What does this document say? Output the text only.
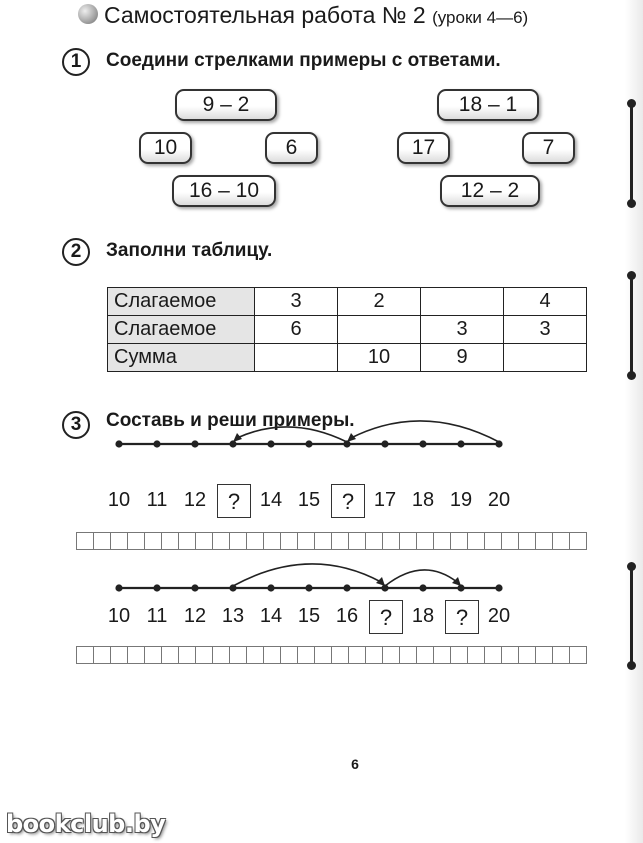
Самостоятельная работа № 2 (уроки 4—6)
1	Соедини стрелками примеры с ответами.
9 – 2
10	6
16 – 10
18 – 1
17	7
12 – 2
2	Заполни таблицу.
Слагаемое	3	2		4
Слагаемое	6		3	3
Сумма		10	9	
3	Составь и реши примеры.
10 11 12 ? 14 15 ? 17 18 19 20
10 11 12 13 14 15 16 ? 18 ? 20
6
bookclub.by
